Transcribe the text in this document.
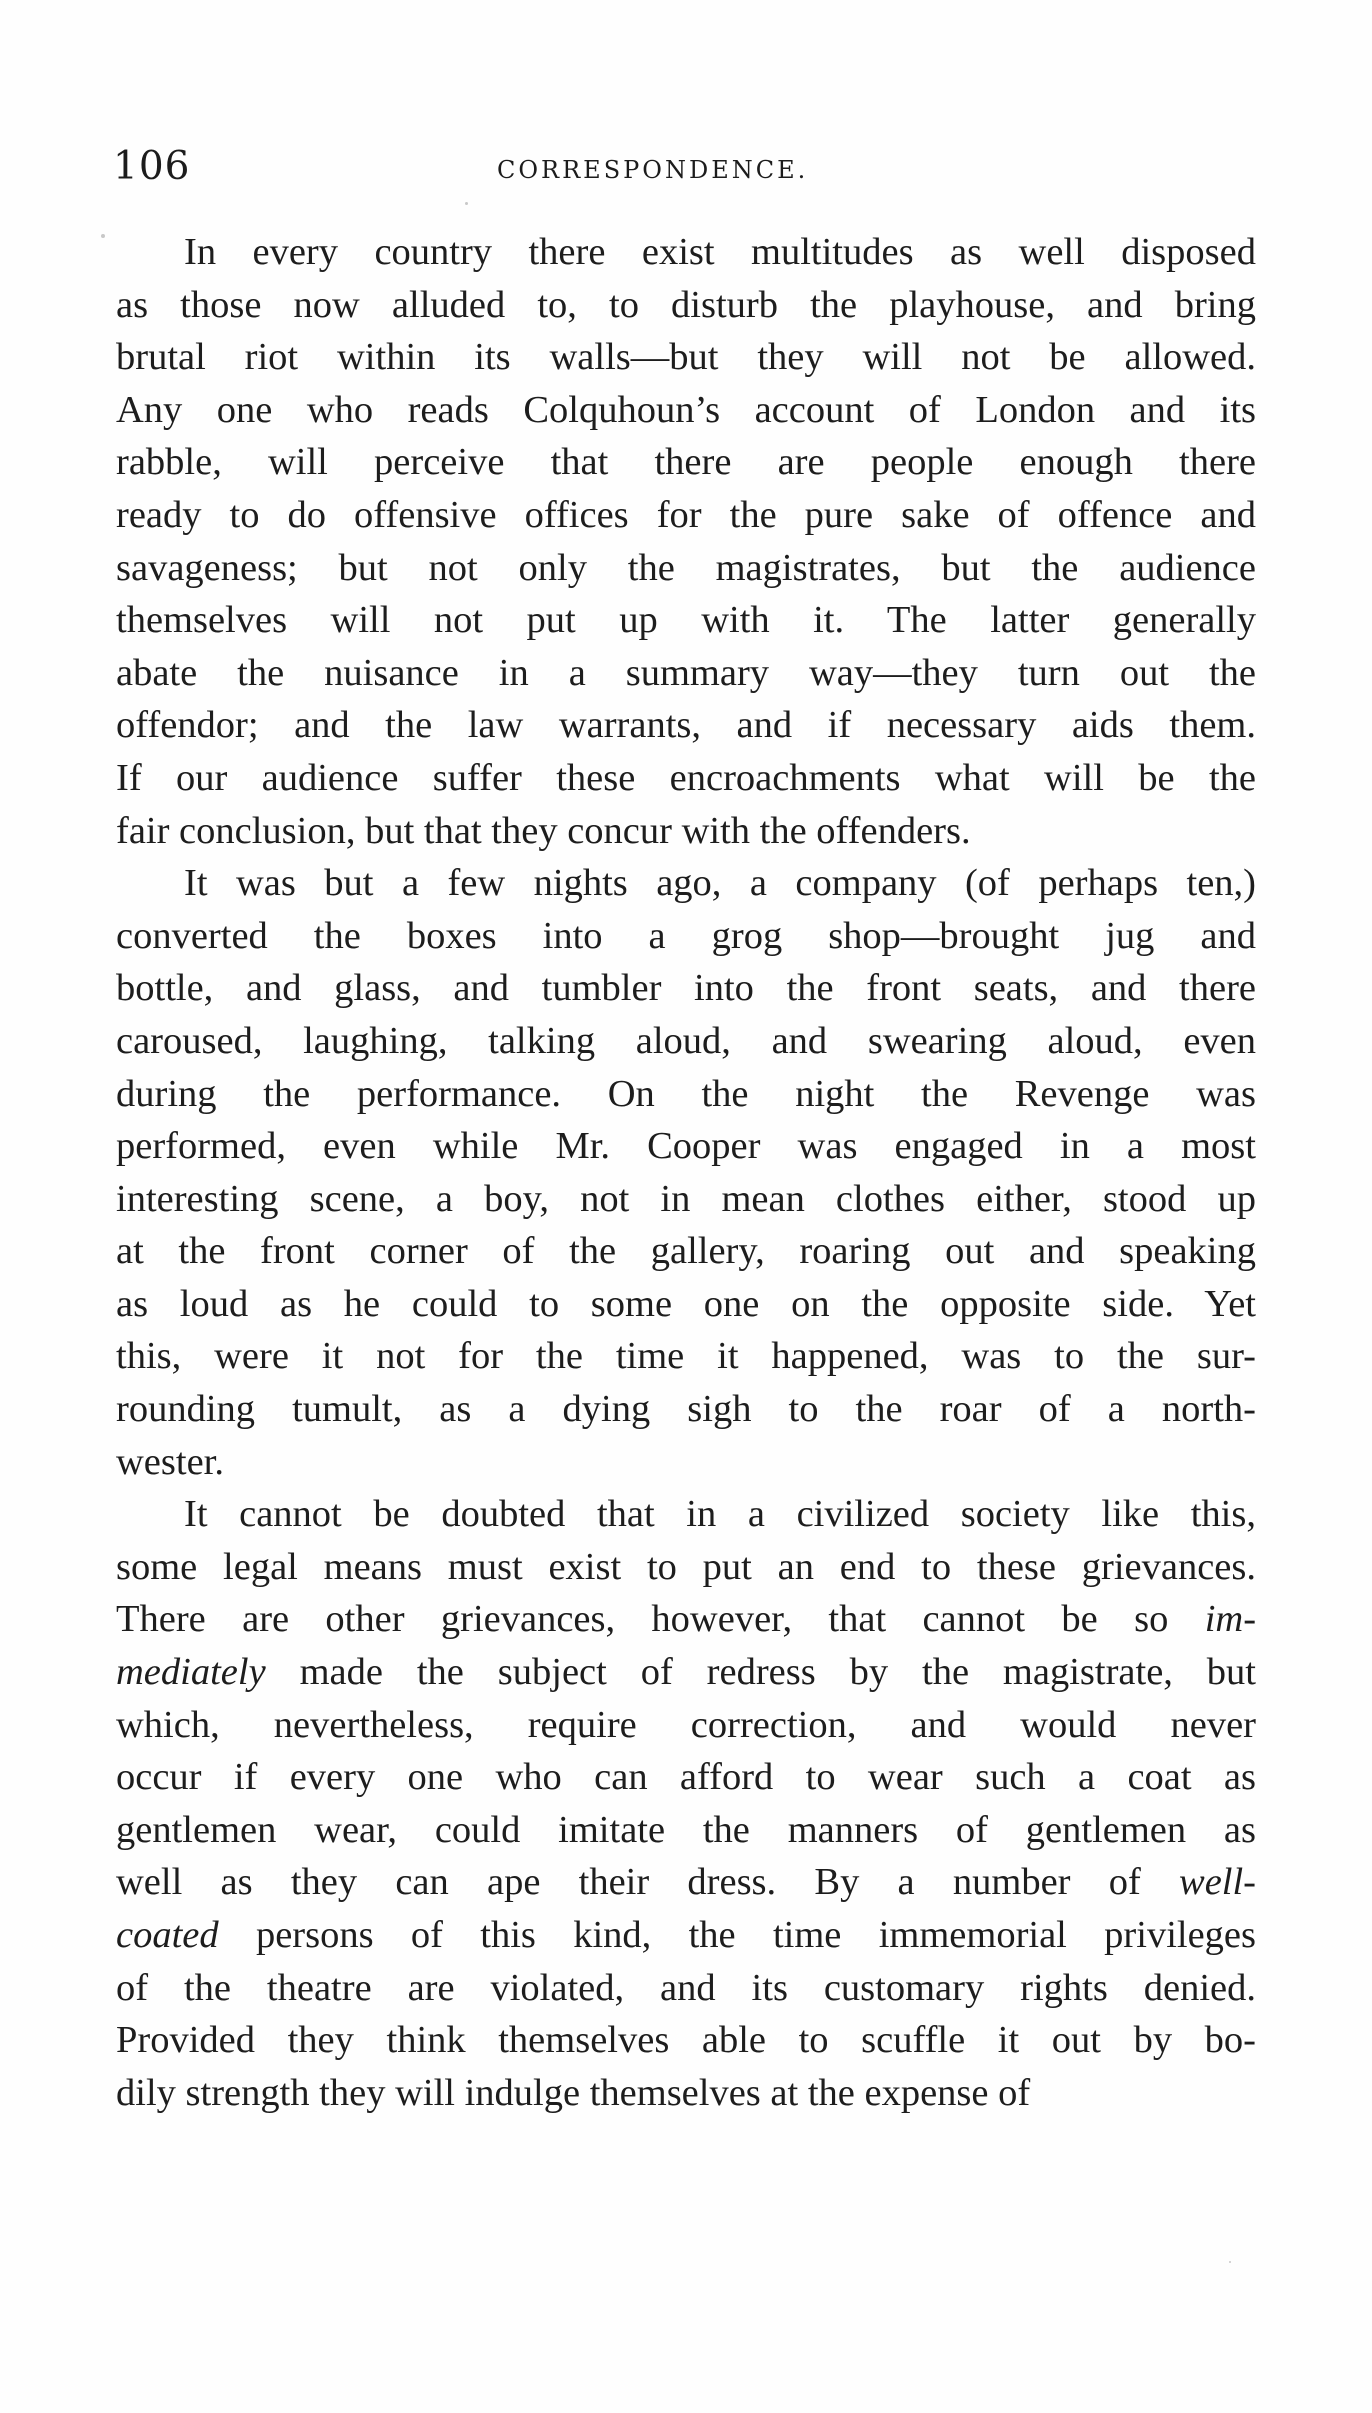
106	CORRESPONDENCE.
In every country there exist multitudes as well disposed
as those now alluded to, to disturb the playhouse, and bring
brutal riot within its walls—but they will not be allowed.
Any one who reads Colquhoun’s account of London and its
rabble, will perceive that there are people enough there
ready to do offensive offices for the pure sake of offence and
savageness; but not only the magistrates, but the audience
themselves will not put up with it. The latter generally
abate the nuisance in a summary way—they turn out the
offendor; and the law warrants, and if necessary aids them.
If our audience suffer these encroachments what will be the
fair conclusion, but that they concur with the offenders.
It was but a few nights ago, a company (of perhaps ten,)
converted the boxes into a grog shop—brought jug and
bottle, and glass, and tumbler into the front seats, and there
caroused, laughing, talking aloud, and swearing aloud, even
during the performance. On the night the Revenge was
performed, even while Mr. Cooper was engaged in a most
interesting scene, a boy, not in mean clothes either, stood up
at the front corner of the gallery, roaring out and speaking
as loud as he could to some one on the opposite side. Yet
this, were it not for the time it happened, was to the sur-
rounding tumult, as a dying sigh to the roar of a north-
wester.
It cannot be doubted that in a civilized society like this,
some legal means must exist to put an end to these grievances.
There are other grievances, however, that cannot be so im-
mediately made the subject of redress by the magistrate, but
which, nevertheless, require correction, and would never
occur if every one who can afford to wear such a coat as
gentlemen wear, could imitate the manners of gentlemen as
well as they can ape their dress. By a number of well-
coated persons of this kind, the time immemorial privileges
of the theatre are violated, and its customary rights denied.
Provided they think themselves able to scuffle it out by bo-
dily strength they will indulge themselves at the expense of
